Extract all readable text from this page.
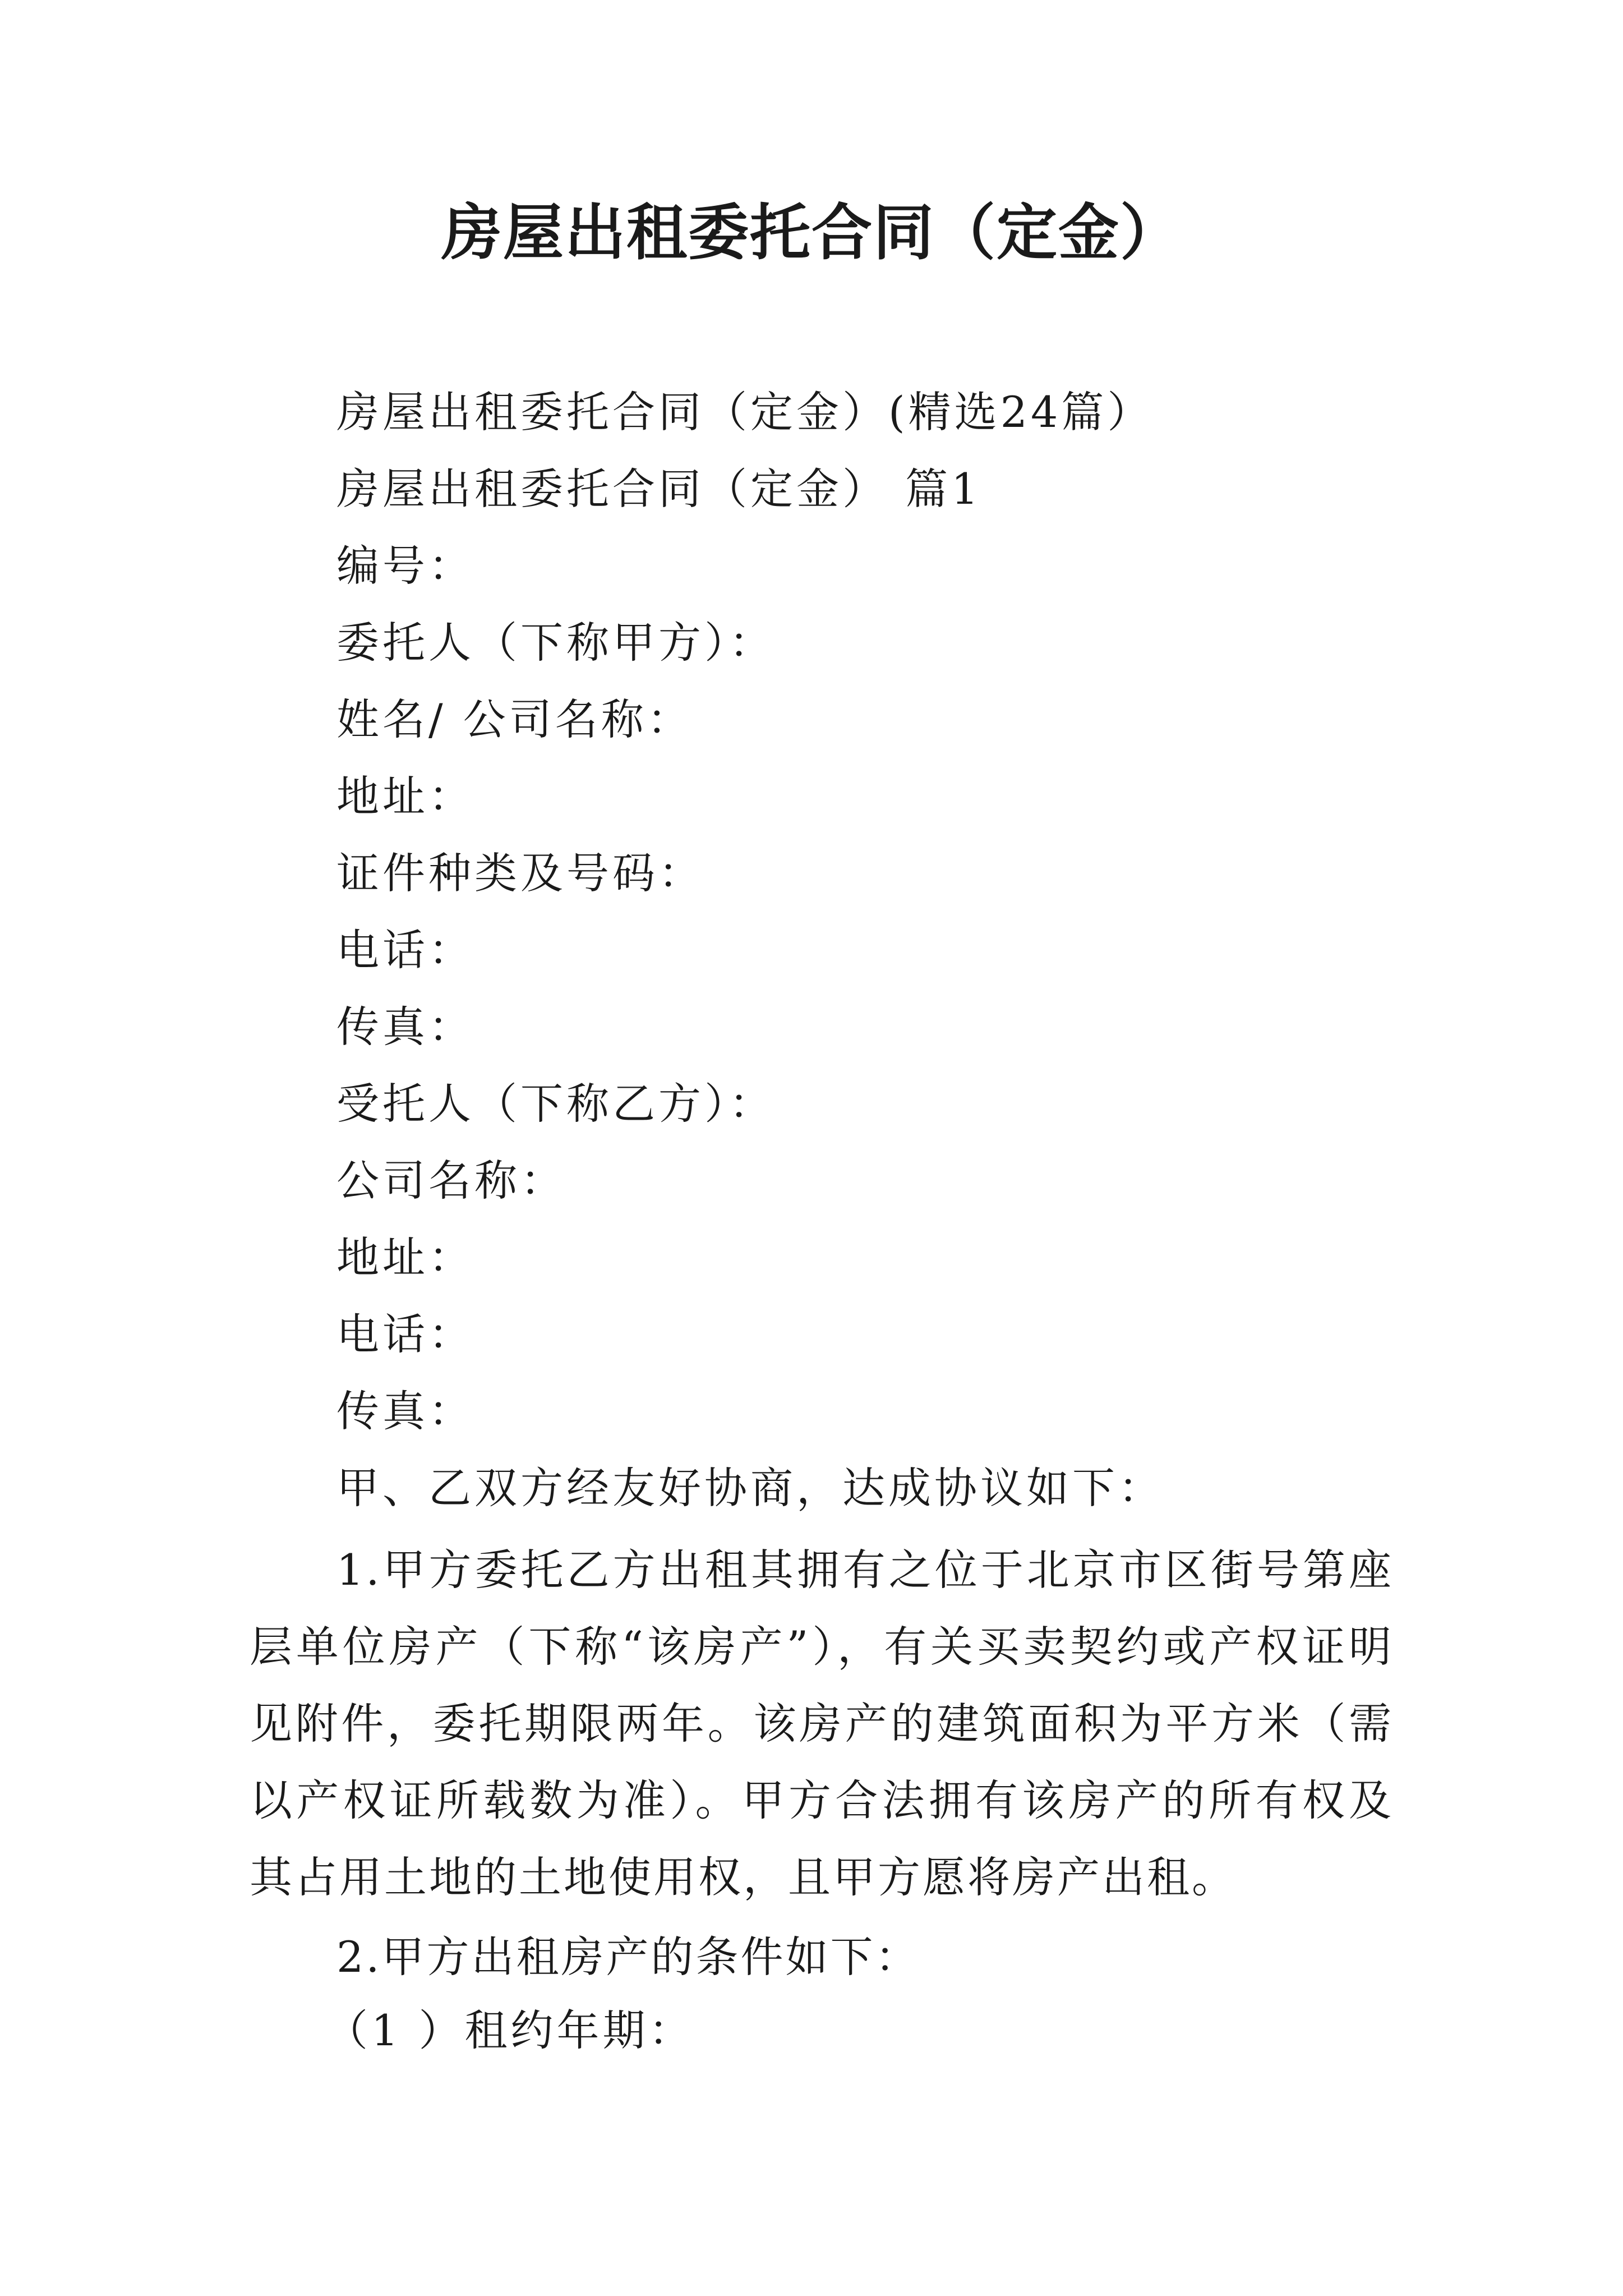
房屋出租委托合同（定金）

房屋出租委托合同（定金）(精选24篇）

房屋出租委托合同（定金） 篇1

编号：

委托人（下称甲方）：

姓名/ 公司名称：

地址：

证件种类及号码：

电话：

传真：

受托人（下称乙方）：

公司名称：

地址：

电话：

传真：

甲、乙双方经友好协商，达成协议如下：

1.甲方委托乙方出租其拥有之位于北京市区街号第座层单位房产（下称“该房产”），有关买卖契约或产权证明见附件，委托期限两年。该房产的建筑面积为平方米（需以产权证所载数为准）。甲方合法拥有该房产的所有权及其占用土地的土地使用权，且甲方愿将房产出租。

2.甲方出租房产的条件如下：

（1 ）租约年期：
